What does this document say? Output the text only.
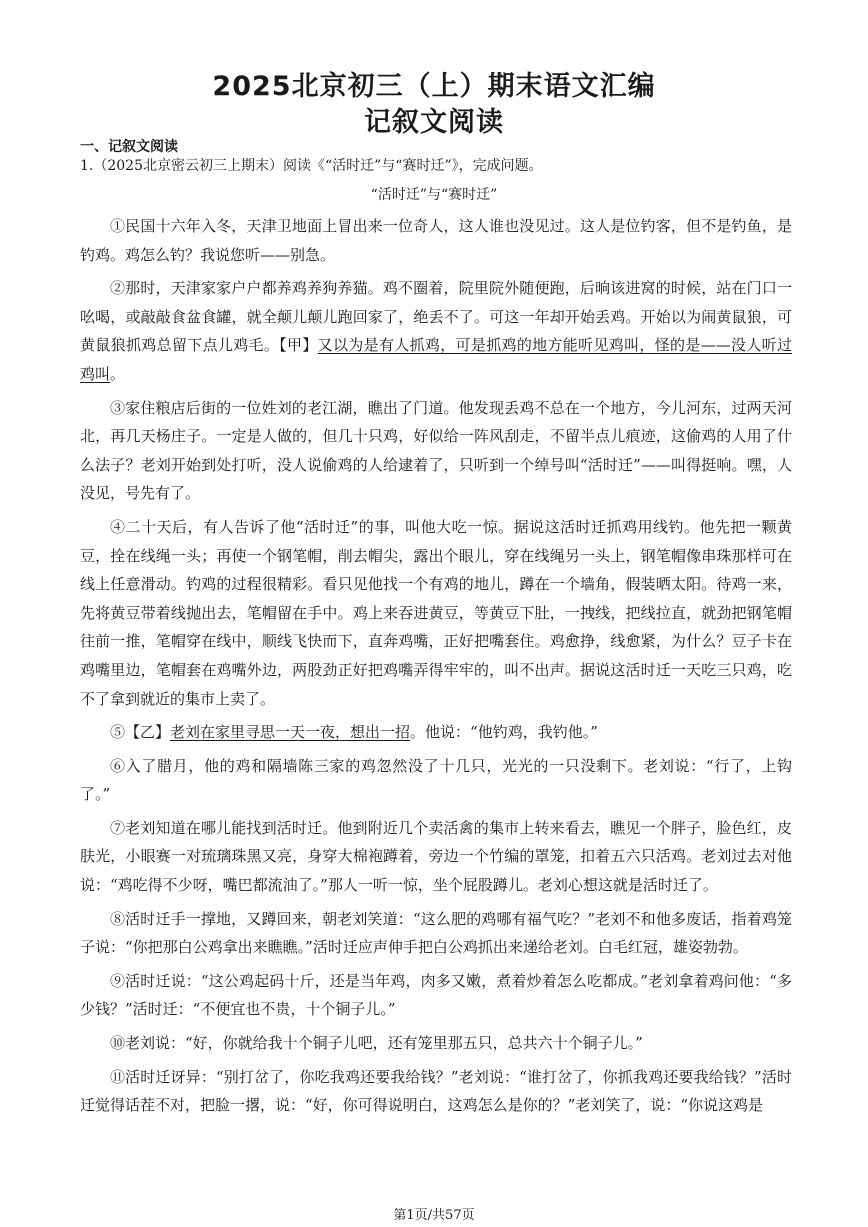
2025北京初三（上）期末语文汇编
记叙文阅读
一、记叙文阅读
1.（2025北京密云初三上期末）阅读《“活时迁”与“赛时迁”》，完成问题。
“活时迁”与“赛时迁”

①民国十六年入冬，天津卫地面上冒出来一位奇人，这人谁也没见过。这人是位钓客，但不是钓鱼，是钓鸡。鸡怎么钓？我说您听——别急。

②那时，天津家家户户都养鸡养狗养猫。鸡不圈着，院里院外随便跑，后晌该进窝的时候，站在门口一吆喝，或敲敲食盆食罐，就全颠儿颠儿跑回家了，绝丢不了。可这一年却开始丢鸡。开始以为闹黄鼠狼，可黄鼠狼抓鸡总留下点儿鸡毛。【甲】又以为是有人抓鸡，可是抓鸡的地方能听见鸡叫，怪的是——没人听过鸡叫。

③家住粮店后街的一位姓刘的老江湖，瞧出了门道。他发现丢鸡不总在一个地方，今儿河东，过两天河北，再几天杨庄子。一定是人做的，但几十只鸡，好似给一阵风刮走，不留半点儿痕迹，这偷鸡的人用了什么法子？老刘开始到处打听，没人说偷鸡的人给逮着了，只听到一个绰号叫“活时迁”——叫得挺响。嘿，人没见，号先有了。

④二十天后，有人告诉了他“活时迁”的事，叫他大吃一惊。据说这活时迁抓鸡用线钓。他先把一颗黄豆，拴在线绳一头；再使一个钢笔帽，削去帽尖，露出个眼儿，穿在线绳另一头上，钢笔帽像串珠那样可在线上任意滑动。钓鸡的过程很精彩。看只见他找一个有鸡的地儿，蹲在一个墙角，假装晒太阳。待鸡一来，先将黄豆带着线抛出去，笔帽留在手中。鸡上来吞进黄豆，等黄豆下肚，一拽线，把线拉直，就劲把钢笔帽往前一推，笔帽穿在线中，顺线飞快而下，直奔鸡嘴，正好把嘴套住。鸡愈挣，线愈紧，为什么？豆子卡在鸡嘴里边，笔帽套在鸡嘴外边，两股劲正好把鸡嘴弄得牢牢的，叫不出声。据说这活时迁一天吃三只鸡，吃不了拿到就近的集市上卖了。

⑤【乙】老刘在家里寻思一天一夜，想出一招。他说：“他钓鸡，我钓他。”

⑥入了腊月，他的鸡和隔墙陈三家的鸡忽然没了十几只，光光的一只没剩下。老刘说：“行了，上钩了。”

⑦老刘知道在哪儿能找到活时迁。他到附近几个卖活禽的集市上转来看去，瞧见一个胖子，脸色红，皮肤光，小眼赛一对琉璃珠黑又亮，身穿大棉袍蹲着，旁边一个竹编的罩笼，扣着五六只活鸡。老刘过去对他说：“鸡吃得不少呀，嘴巴都流油了。”那人一听一惊，坐个屁股蹲儿。老刘心想这就是活时迁了。

⑧活时迁手一撑地，又蹲回来，朝老刘笑道：“这么肥的鸡哪有福气吃？”老刘不和他多废话，指着鸡笼子说：“你把那白公鸡拿出来瞧瞧。”活时迁应声伸手把白公鸡抓出来递给老刘。白毛红冠，雄姿勃勃。

⑨活时迁说：“这公鸡起码十斤，还是当年鸡，肉多又嫩，煮着炒着怎么吃都成。”老刘拿着鸡问他：“多少钱？”活时迁：“不便宜也不贵，十个铜子儿。”

⑩老刘说：“好，你就给我十个铜子儿吧，还有笼里那五只，总共六十个铜子儿。”

⑪活时迁讶异：“别打岔了，你吃我鸡还要我给钱？”老刘说：“谁打岔了，你抓我鸡还要我给钱？”活时迁觉得话茬不对，把脸一撂，说：“好，你可得说明白，这鸡怎么是你的？”老刘笑了，说：“你说这鸡是

第1页/共57页
